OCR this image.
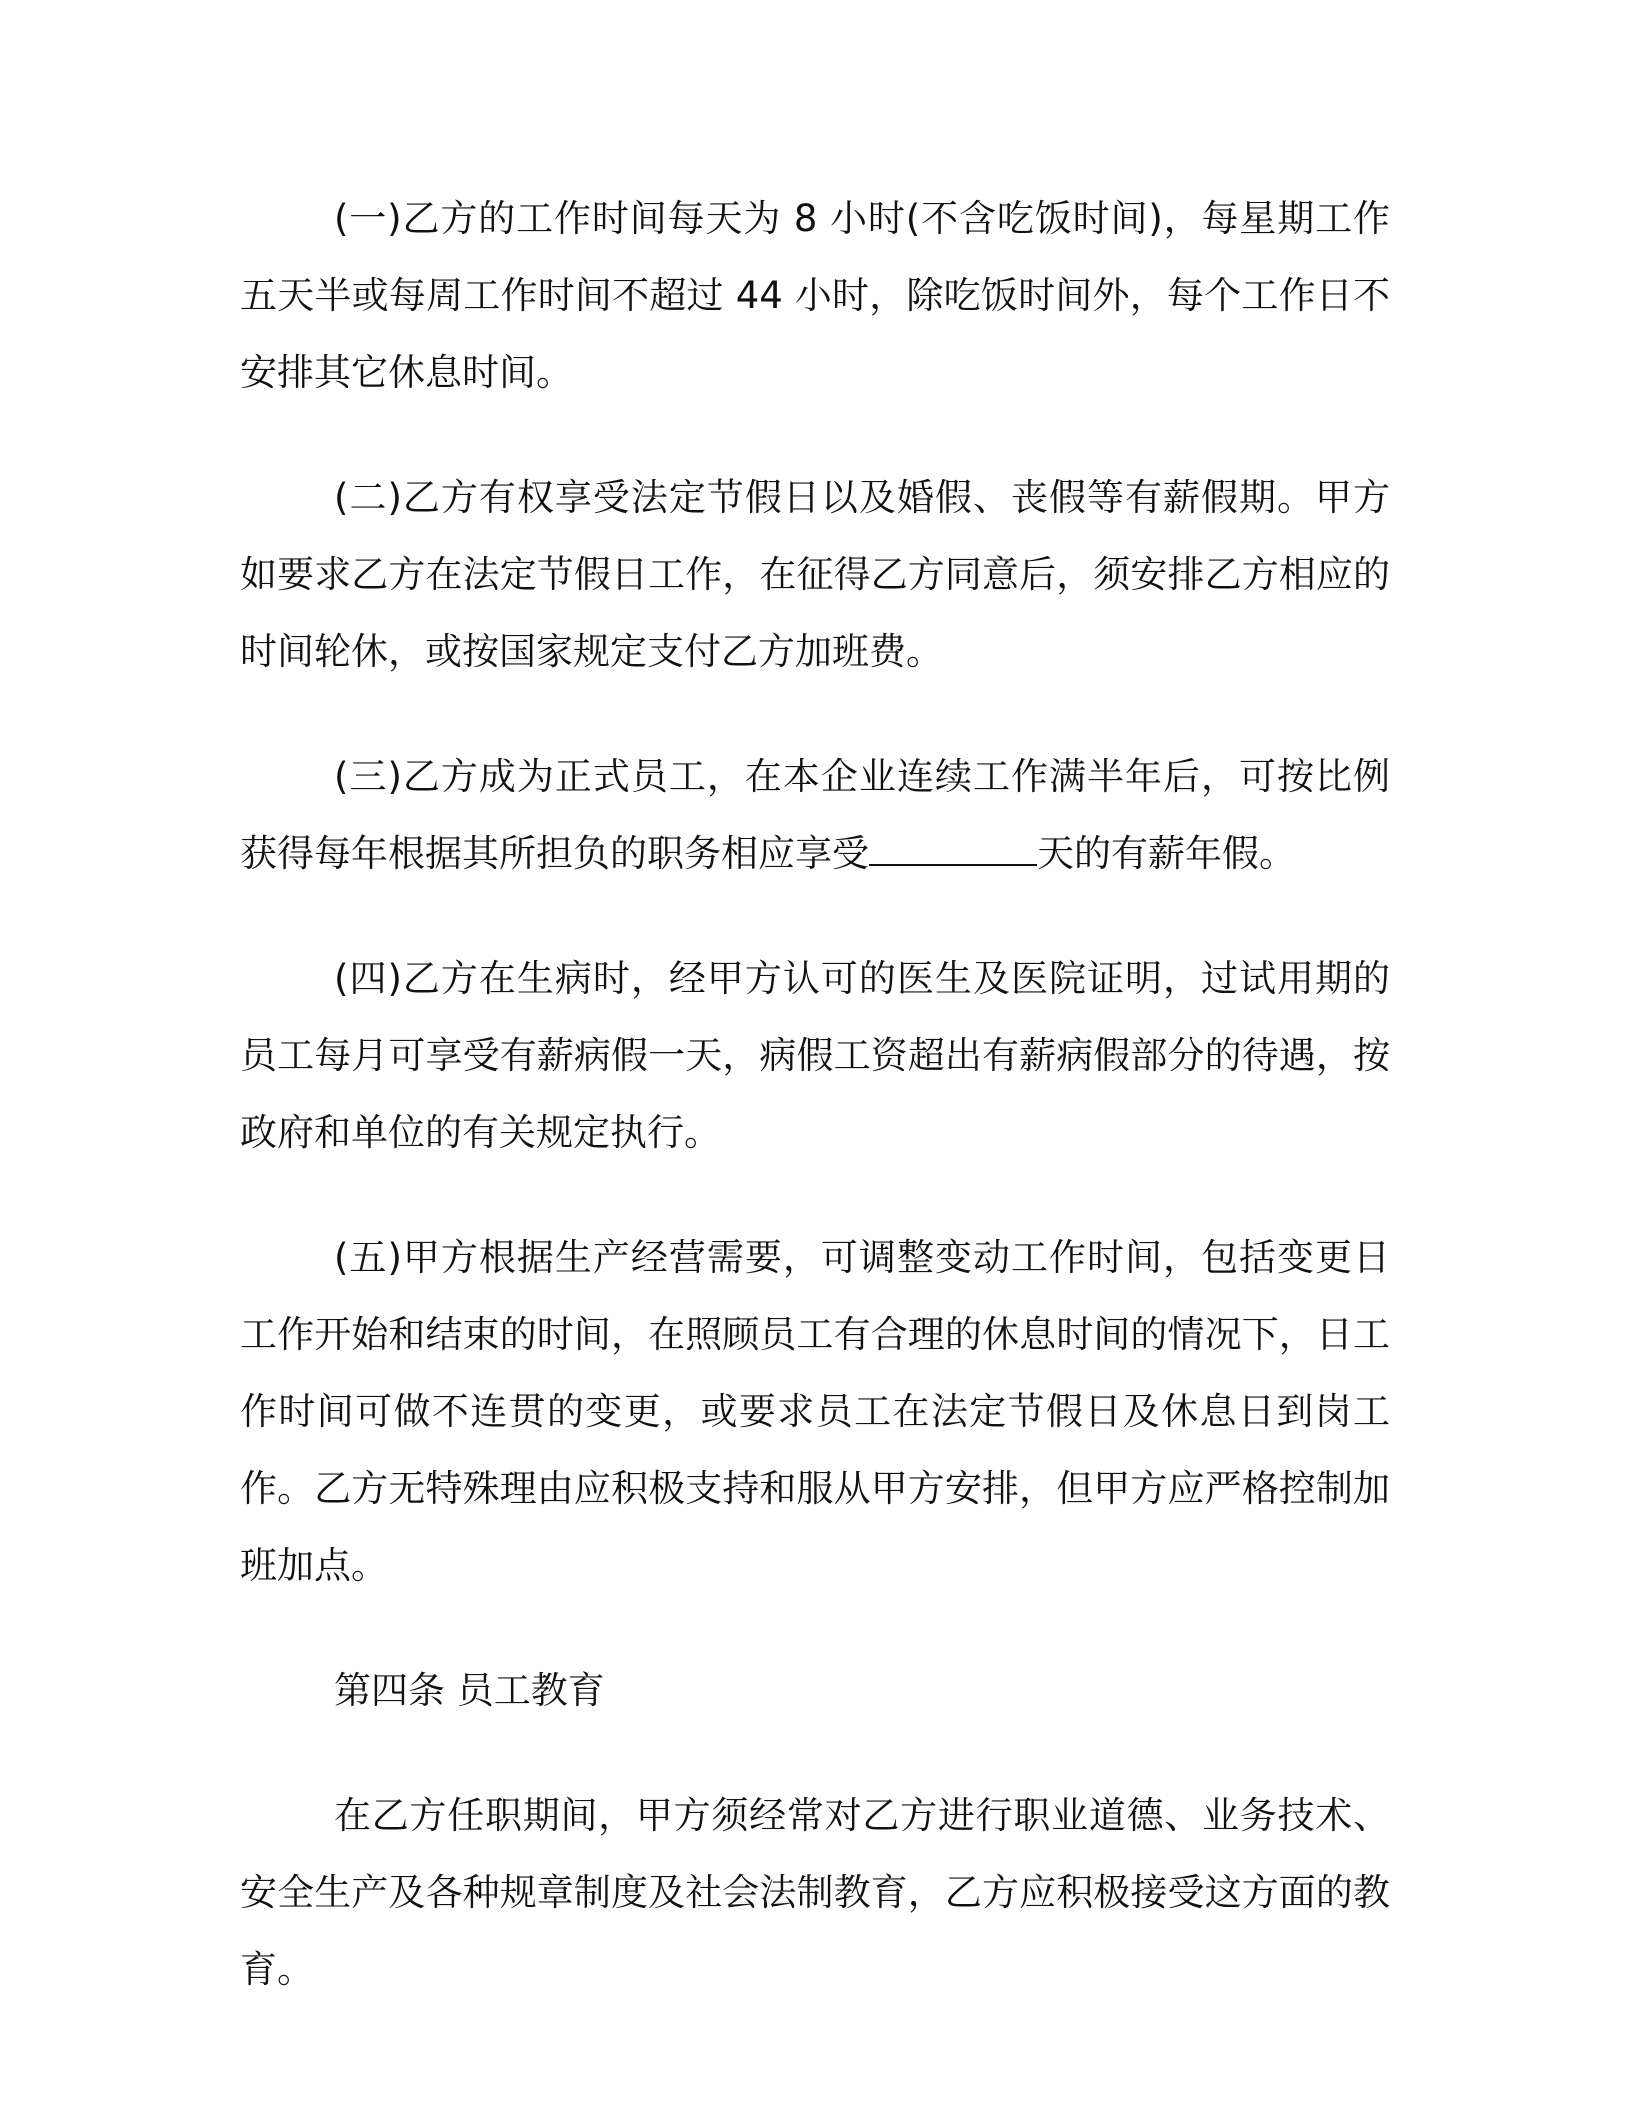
(一)乙方的工作时间每天为 8 小时(不含吃饭时间)，每星期工作五天半或每周工作时间不超过 44 小时，除吃饭时间外，每个工作日不安排其它休息时间。

(二)乙方有权享受法定节假日以及婚假、丧假等有薪假期。甲方如要求乙方在法定节假日工作，在征得乙方同意后，须安排乙方相应的时间轮休，或按国家规定支付乙方加班费。

(三)乙方成为正式员工，在本企业连续工作满半年后，可按比例获得每年根据其所担负的职务相应享受	天的有薪年假。

(四)乙方在生病时，经甲方认可的医生及医院证明，过试用期的员工每月可享受有薪病假一天，病假工资超出有薪病假部分的待遇，按政府和单位的有关规定执行。

(五)甲方根据生产经营需要，可调整变动工作时间，包括变更日工作开始和结束的时间，在照顾员工有合理的休息时间的情况下，日工作时间可做不连贯的变更，或要求员工在法定节假日及休息日到岗工作。乙方无特殊理由应积极支持和服从甲方安排，但甲方应严格控制加班加点。

第四条 员工教育

在乙方任职期间，甲方须经常对乙方进行职业道德、业务技术、安全生产及各种规章制度及社会法制教育，乙方应积极接受这方面的教育。
